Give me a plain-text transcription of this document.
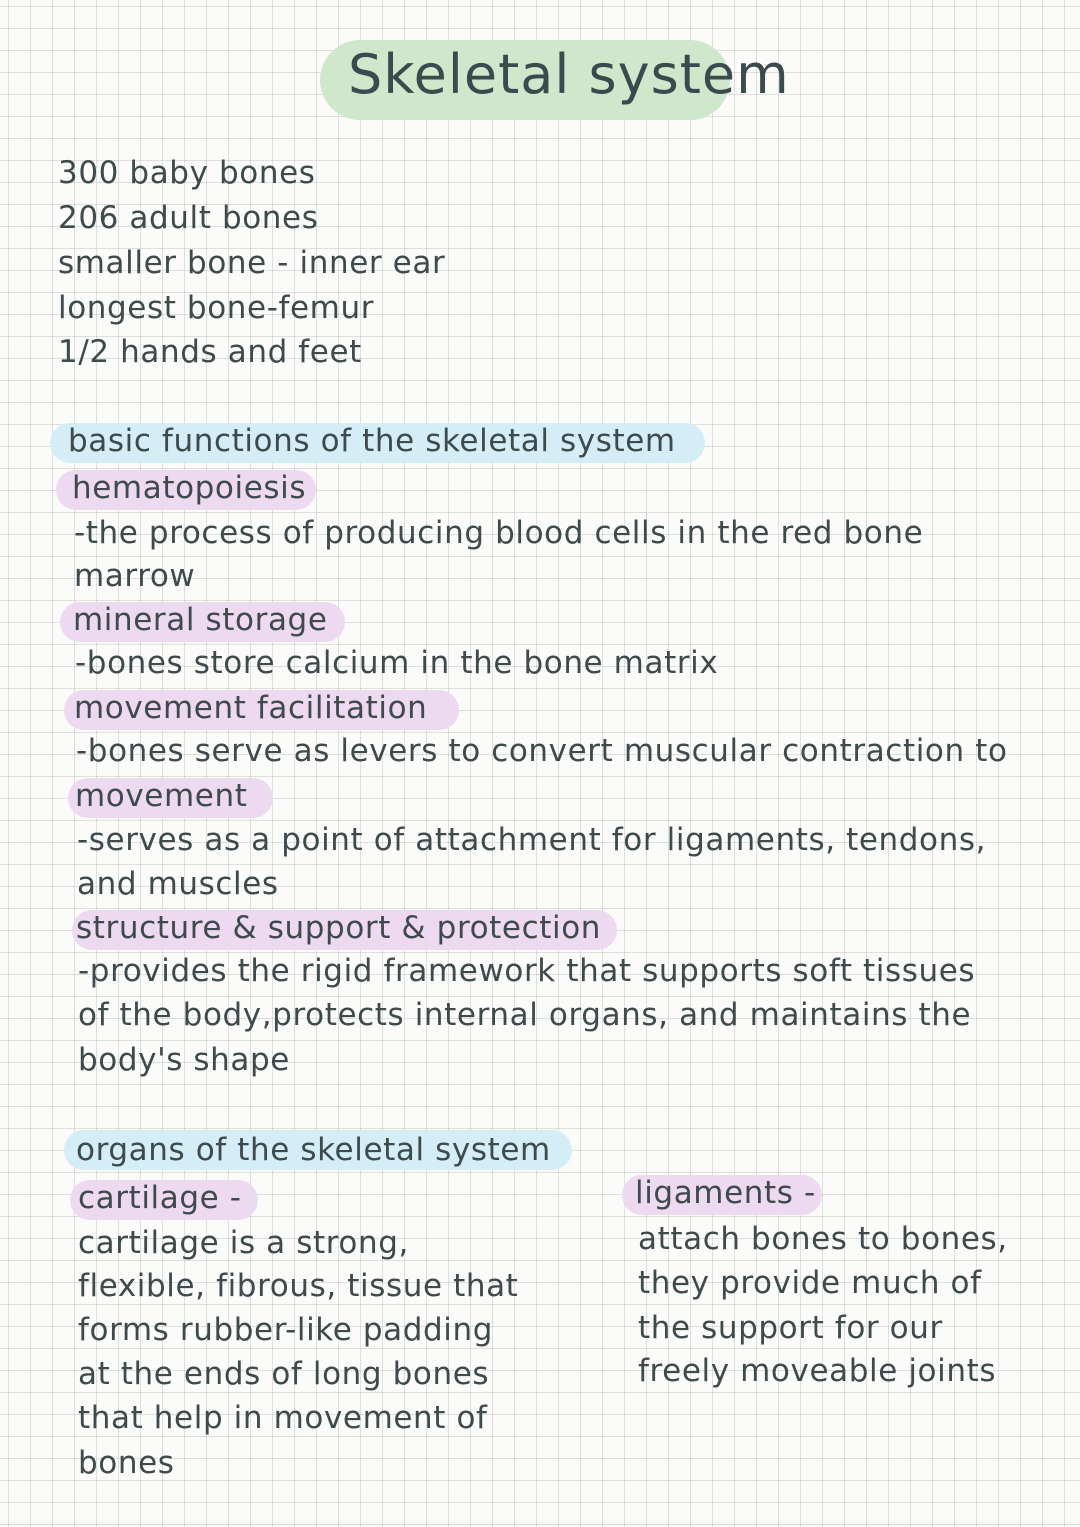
Skeletal system
300 baby bones
206 adult bones
smaller bone - inner ear
longest bone-femur
1/2 hands and feet
basic functions of the skeletal system
hematopoiesis
-the process of producing blood cells in the red bone
marrow
mineral storage
-bones store calcium in the bone matrix
movement facilitation
-bones serve as levers to convert muscular contraction to
movement
-serves as a point of attachment for ligaments, tendons,
and muscles
structure & support & protection
-provides the rigid framework that supports soft tissues
of the body,protects internal organs, and maintains the
body's shape
organs of the skeletal system
cartilage -
cartilage is a strong,
flexible, fibrous, tissue that
forms rubber-like padding
at the ends of long bones
that help in movement of
bones
ligaments -
attach bones to bones,
they provide much of
the support for our
freely moveable joints
